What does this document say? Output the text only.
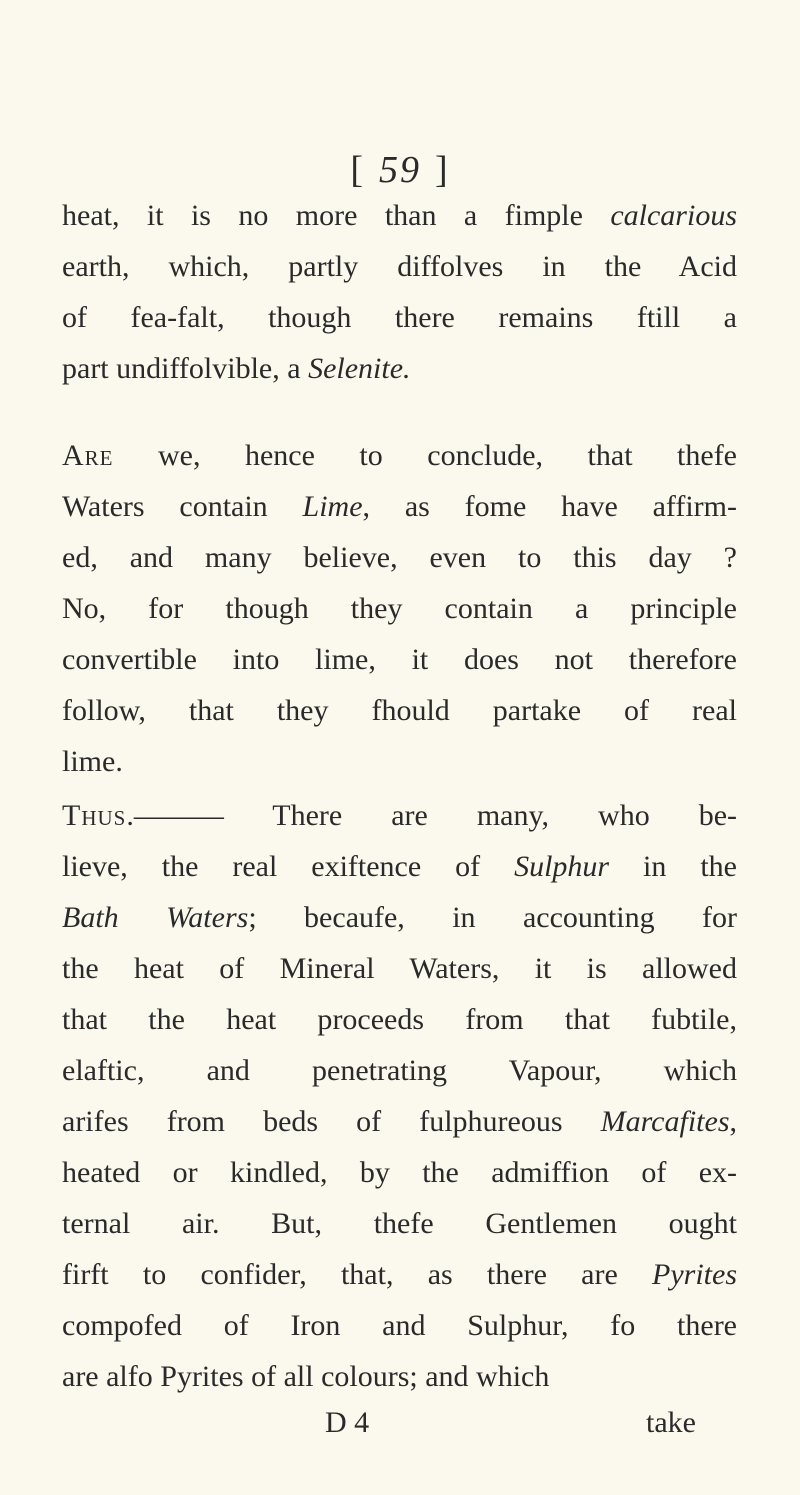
[ 59 ]
heat, it is no more than a fimple calcarious
earth, which, partly diffolves in the Acid
of fea-falt, though there remains ftill a
part undiffolvible, a Selenite.
Are we, hence to conclude, that thefe
Waters contain Lime, as fome have affirm-
ed, and many believe, even to this day ?
No, for though they contain a principle
convertible into lime, it does not therefore
follow, that they fhould partake of real
lime.
Thus.——— There are many, who be-
lieve, the real exiftence of Sulphur in the
Bath Waters; becaufe, in accounting for
the heat of Mineral Waters, it is allowed
that the heat proceeds from that fubtile,
elaftic, and penetrating Vapour, which
arifes from beds of fulphureous Marcafites,
heated or kindled, by the admiffion of ex-
ternal air. But, thefe Gentlemen ought
firft to confider, that, as there are Pyrites
compofed of Iron and Sulphur, fo there
are alfo Pyrites of all colours; and which
D 4	take
